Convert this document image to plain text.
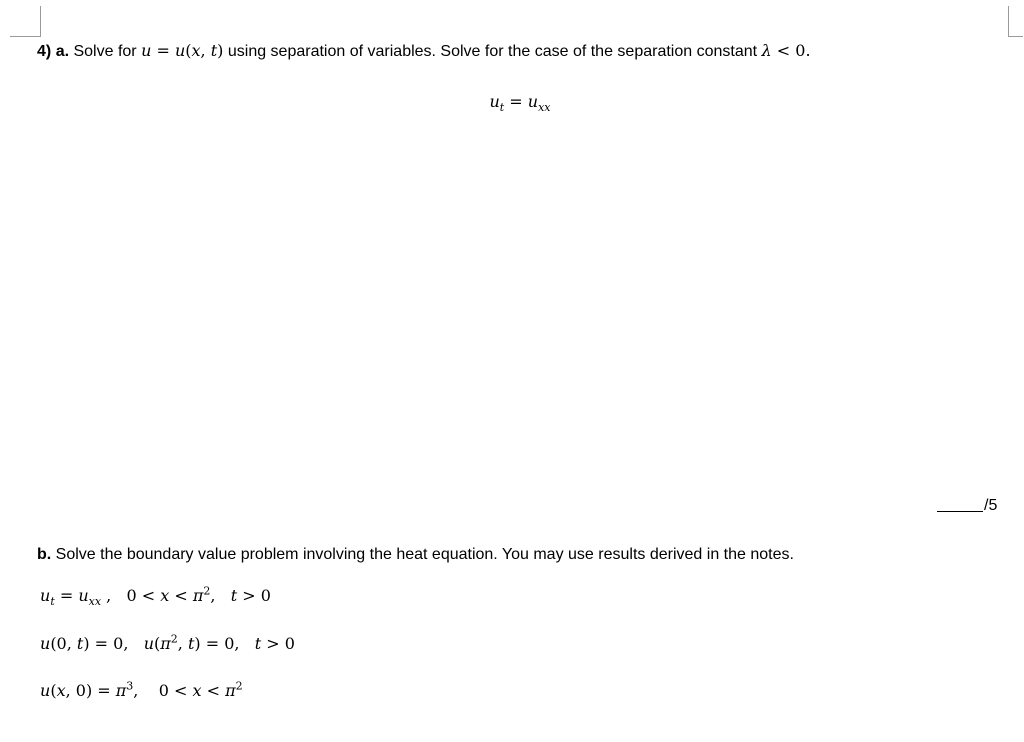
4) a. Solve for u = u(x, t) using separation of variables. Solve for the case of the separation constant λ < 0.
$u_t = u_{xx}$
/5
b. Solve the boundary value problem involving the heat equation. You may use results derived in the notes.
$u_t = u_{xx}$ , $0 < x < \pi^2$,   t > 0
u(0, t) = 0,   $u(\pi^2$, t) = 0,   t > 0
u(x, $0) = \pi^3$, $0 < x < \pi^2$
